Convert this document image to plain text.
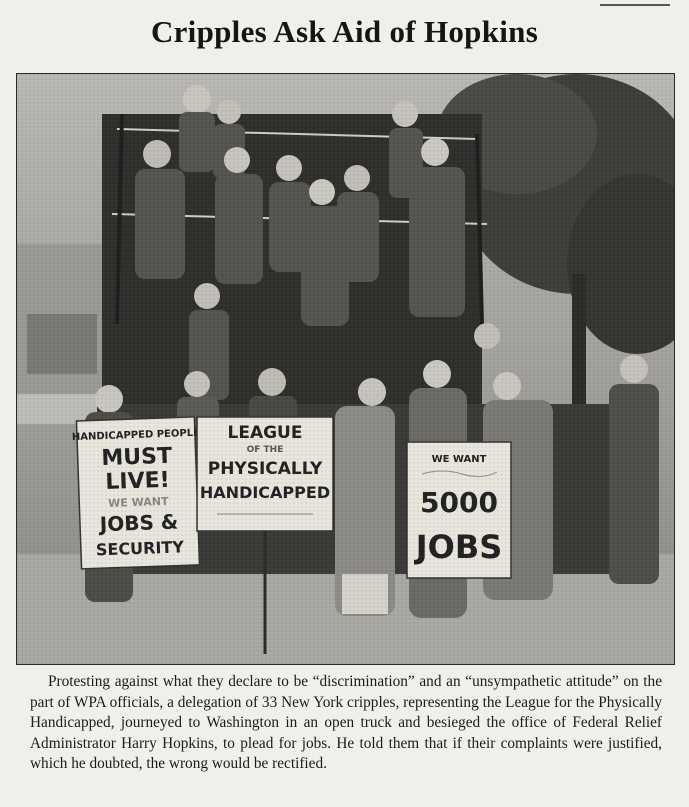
Cripples Ask Aid of Hopkins
Protesting against what they declare to be “discrimination” and an “unsympathetic attitude” on the part of WPA officials, a delegation of 33 New York cripples, representing the League for the Physically Handicapped, journeyed to Washington in an open truck and besieged the office of Federal Relief Administrator Harry Hopkins, to plead for jobs. He told them that if their complaints were justified, which he doubted, the wrong would be rectified.
